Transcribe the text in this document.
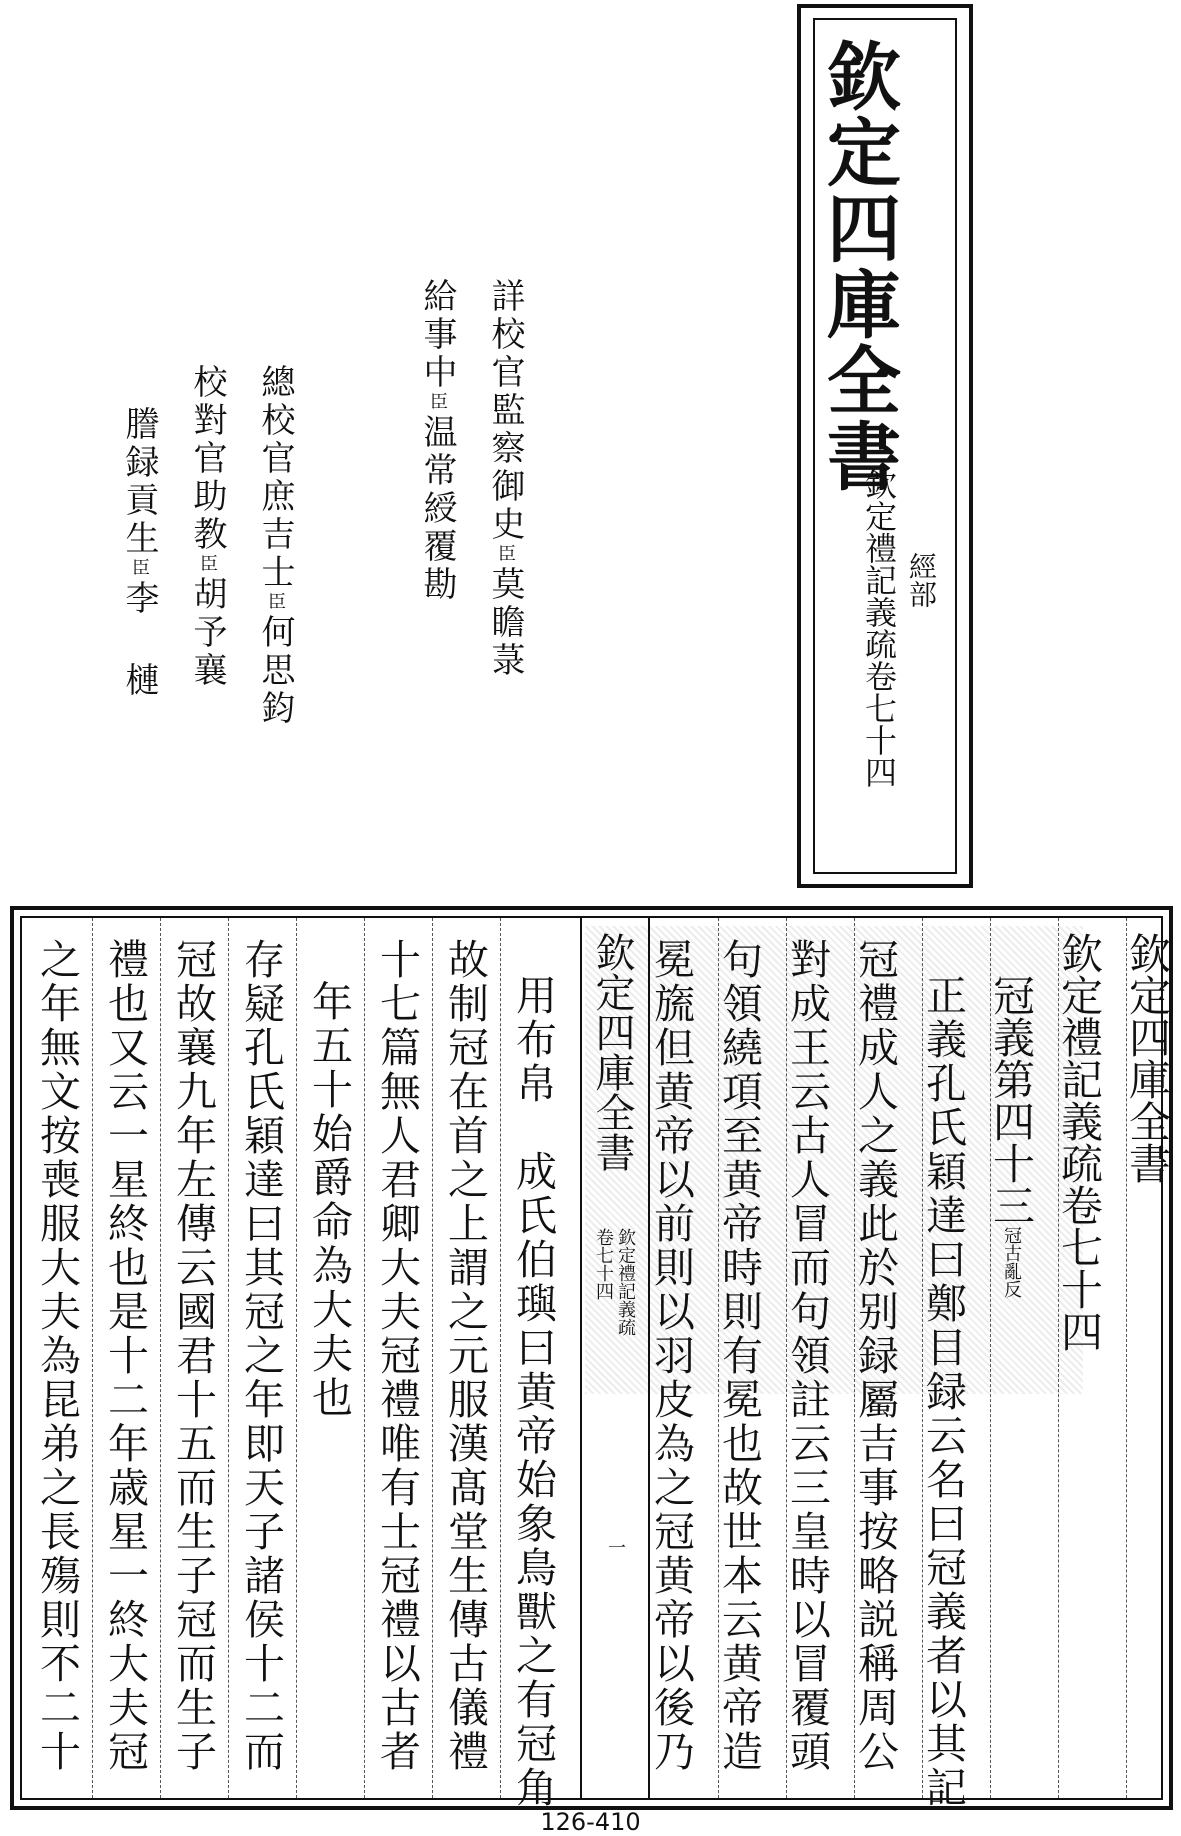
欽定四庫全書
欽定禮記義疏卷七十四 經部
詳校官監察御史臣莫瞻菉
給事中臣温常綬覆勘
總校官庶吉士臣何思鈞
校對官助教臣胡予襄
謄録貢生臣李 槤
欽定四庫全書
欽定禮記義疏卷七十四
冠義第四十三冠古亂反
正義孔氏穎達曰鄭目録云名曰冠義者以其記
冠禮成人之義此於别録屬吉事按略説稱周公
對成王云古人冒而句領註云三皇時以冒覆頭
句領繞項至黄帝時則有冕也故世本云黄帝造
冕旒但黄帝以前則以羽皮為之冠黄帝以後乃
欽定四庫全書
欽定禮記義疏
卷七十四
一
用布帛　成氏伯璵曰黄帝始象鳥獸之有冠角
故制冠在首之上謂之元服漢髙堂生傳古儀禮
十七篇無人君卿大夫冠禮唯有士冠禮以古者
年五十始爵命為大夫也
存疑孔氏穎達曰其冠之年即天子諸侯十二而
冠故襄九年左傳云國君十五而生子冠而生子
禮也又云一星終也是十二年歳星一終大夫冠
之年無文按喪服大夫為昆弟之長殤則不二十
126-410
